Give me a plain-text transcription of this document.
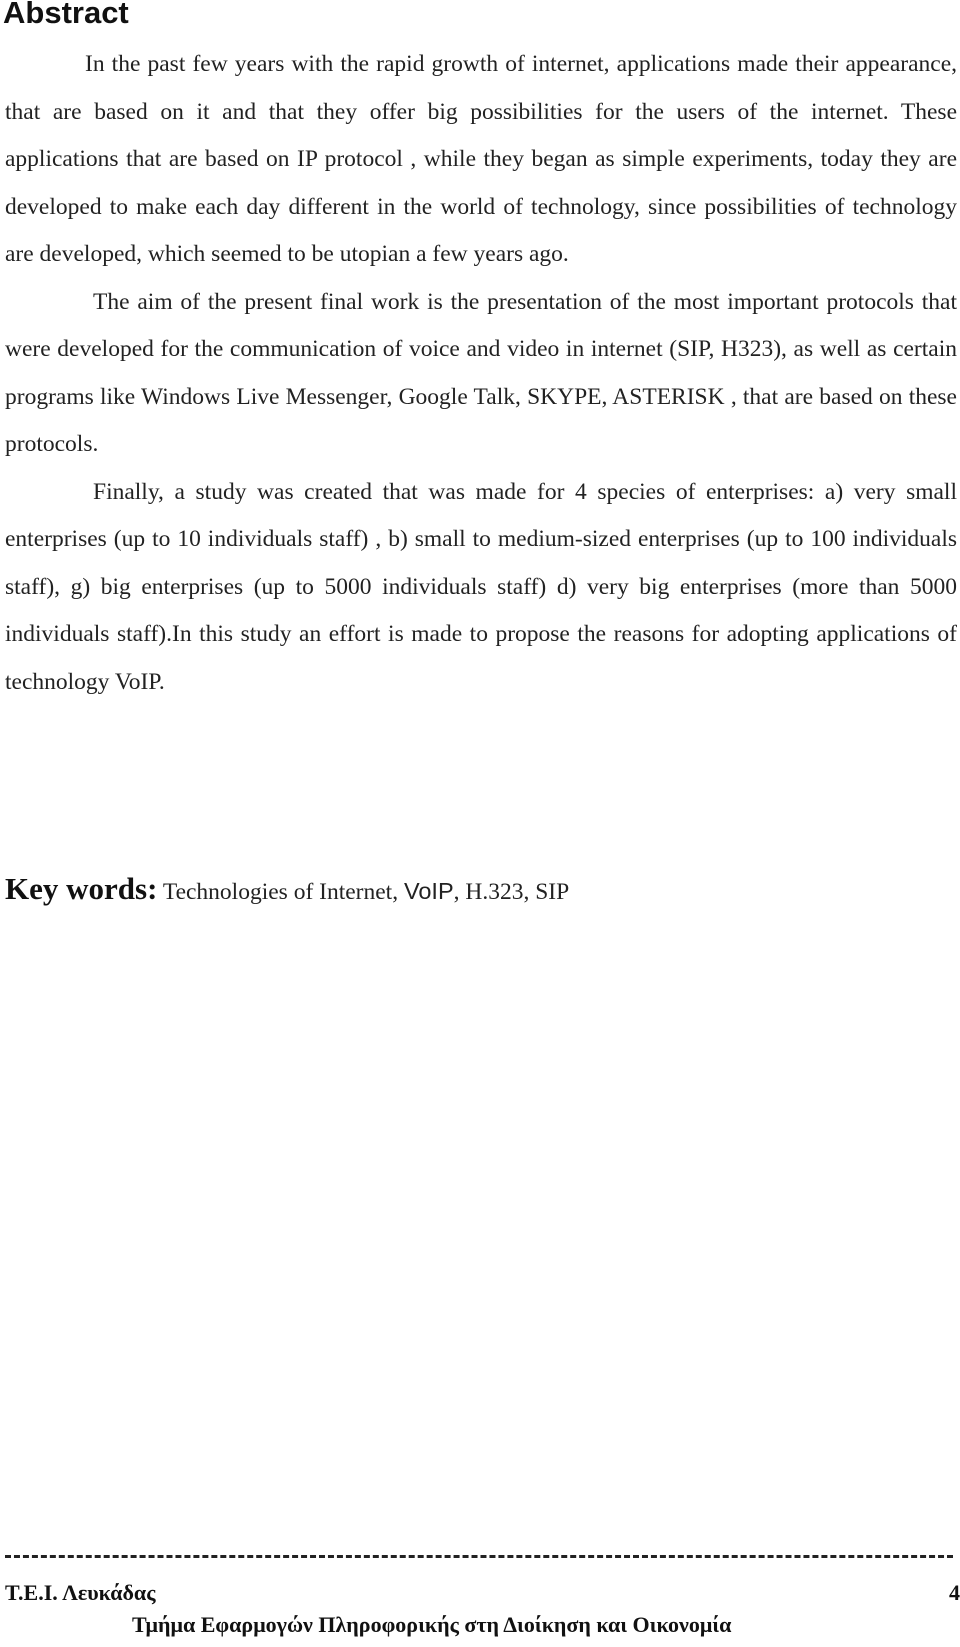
Abstract

In the past few years with the rapid growth of internet, applications made their appearance, that are based on it and that they offer big possibilities for the users of the internet. These applications that are based on IP protocol , while they began as simple experiments, today they are developed to make each day different in the world of technology, since possibilities of technology are developed, which seemed to be utopian a few years ago.

The aim of the present final work is the presentation of the most important protocols that were developed for the communication of voice and video in internet (SIP, H323), as well as certain programs like Windows Live Messenger, Google Talk, SKYPE, ASTERISK , that are based on these protocols.

Finally, a study was created that was made for 4 species of enterprises: a) very small enterprises (up to 10 individuals staff) , b) small to medium-sized enterprises (up to 100 individuals staff), g) big enterprises (up to 5000 individuals staff) d) very big enterprises (more than 5000 individuals staff).In this study an effort is made to propose the reasons for adopting applications of technology VoIP.

Key words: Technologies of Internet, VoIP, H.323, SIP

Τ.Ε.Ι. Λευκάδας	4

Τμήμα Εφαρμογών Πληροφορικής στη Διοίκηση και Οικονομία
